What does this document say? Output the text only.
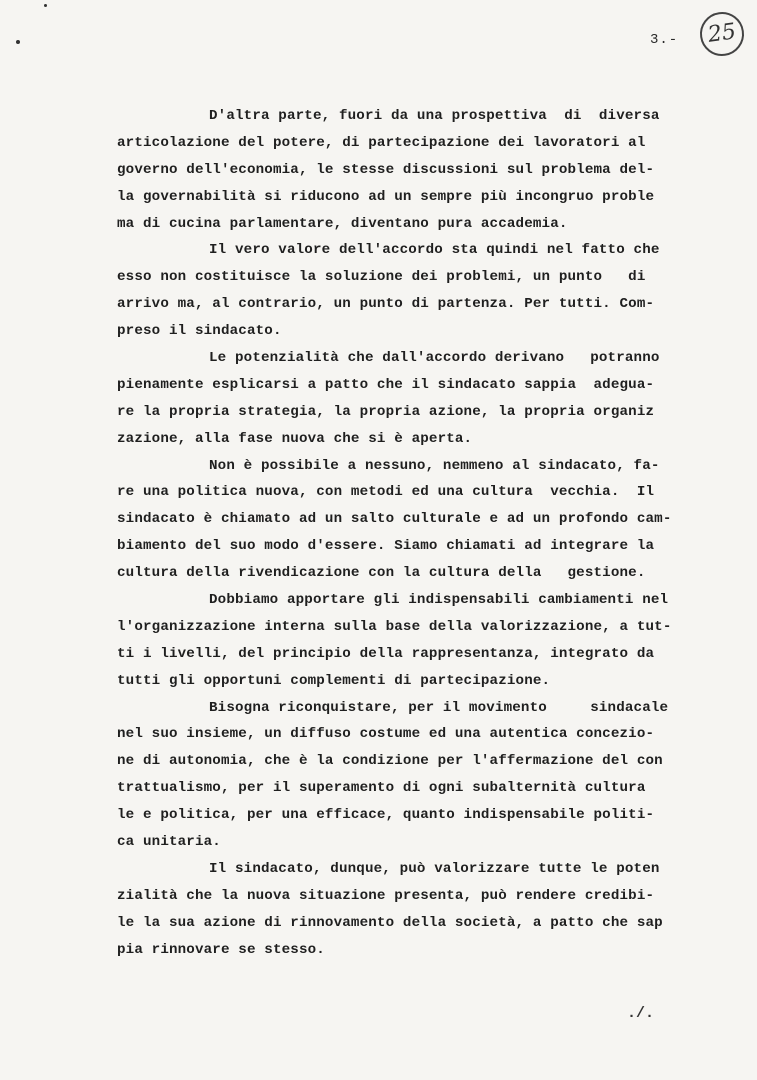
3.-	25
D'altra parte, fuori da una prospettiva  di  diversa
articolazione del potere, di partecipazione dei lavoratori al
governo dell'economia, le stesse discussioni sul problema del-
la governabilità si riducono ad un sempre più incongruo proble
ma di cucina parlamentare, diventano pura accademia.
Il vero valore dell'accordo sta quindi nel fatto che
esso non costituisce la soluzione dei problemi, un punto   di
arrivo ma, al contrario, un punto di partenza. Per tutti. Com-
preso il sindacato.
Le potenzialità che dall'accordo derivano   potranno
pienamente esplicarsi a patto che il sindacato sappia  adegua-
re la propria strategia, la propria azione, la propria organiz
zazione, alla fase nuova che si è aperta.
Non è possibile a nessuno, nemmeno al sindacato, fa-
re una politica nuova, con metodi ed una cultura  vecchia.  Il
sindacato è chiamato ad un salto culturale e ad un profondo cam-
biamento del suo modo d'essere. Siamo chiamati ad integrare la
cultura della rivendicazione con la cultura della   gestione.
Dobbiamo apportare gli indispensabili cambiamenti nel
l'organizzazione interna sulla base della valorizzazione, a tut-
ti i livelli, del principio della rappresentanza, integrato da
tutti gli opportuni complementi di partecipazione.
Bisogna riconquistare, per il movimento     sindacale
nel suo insieme, un diffuso costume ed una autentica concezio-
ne di autonomia, che è la condizione per l'affermazione del con
trattualismo, per il superamento di ogni subalternità cultura
le e politica, per una efficace, quanto indispensabile politi-
ca unitaria.
Il sindacato, dunque, può valorizzare tutte le poten
zialità che la nuova situazione presenta, può rendere credibi-
le la sua azione di rinnovamento della società, a patto che sap
pia rinnovare se stesso.
./.
